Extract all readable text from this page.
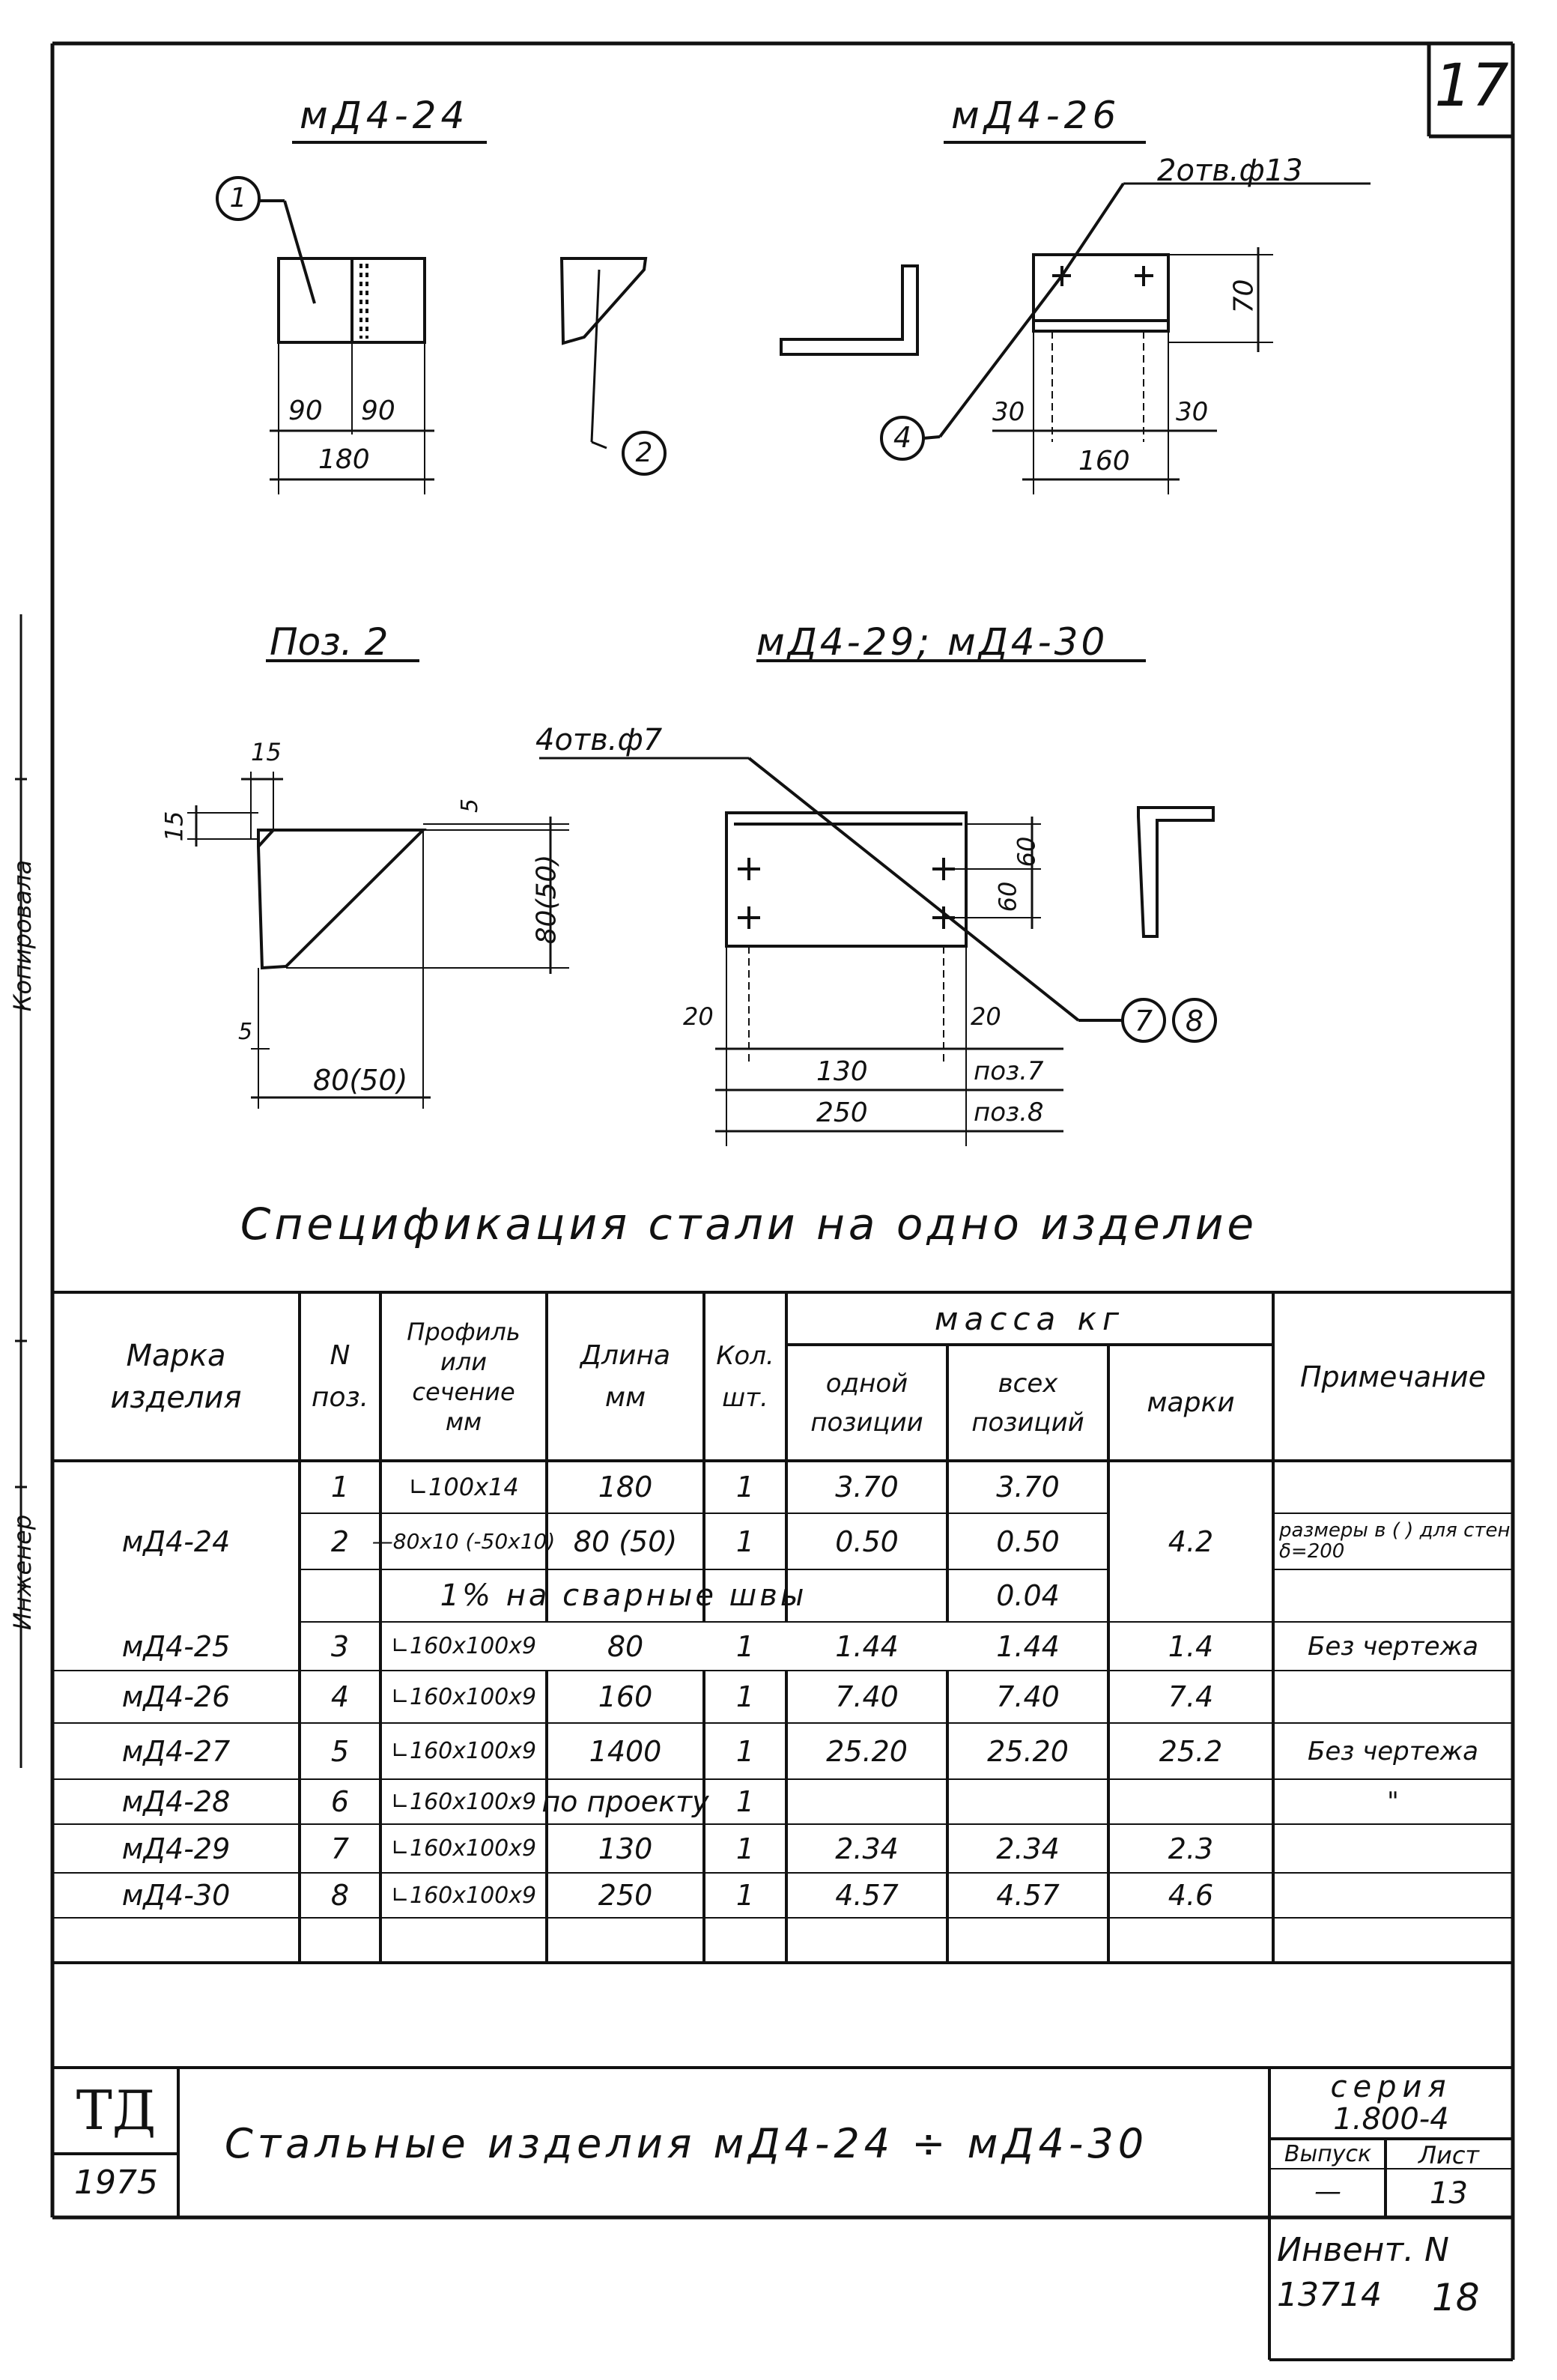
17
мД4-24
1
2
90 90
180
мД4-26
2отв.ф13
4
70
30	30
160
Поз. 2
15
15
5
80(50)
5
80(50)
мД4-29; мД4-30
4отв.ф7
7 8
60
60
20	20
130	поз.7
250	поз.8
Копировала
Инженер
Спецификация стали на одно изделие
Марка
изделия
N
поз.
Профиль
или
сечение
мм
Длина
мм
Кол.
шт.
масса кг
одной
позиции
всех
позиций
марки
Примечание
мД4-24	4.2
1	∟100x14	180	1	3.70	3.70
2	—80x10 (-50x10) 80 (50)	1	0.50	0.50	размеры в ( ) для стен δ=200
1% на сварные швы	0.04
мД4-25	3	∟160x100x9	80	1	1.44	1.44	1.4	Без чертежа
мД4-26	4	∟160x100x9	160	1	7.40	7.40	7.4
мД4-27	5	∟160x100x9	1400	1	25.20	25.20	25.2	Без чертежа
мД4-28	6	∟160x100x9 по проекту 1	"
мД4-29	7	∟160x100x9	130	1	2.34	2.34	2.3
мД4-30	8	∟160x100x9	250	1	4.57	4.57	4.6
ТД
1975
Стальные изделия мД4-24 ÷ мД4-30
серия
1.800-4
Выпуск
—
Лист
13
Инвент. N
13714 18
